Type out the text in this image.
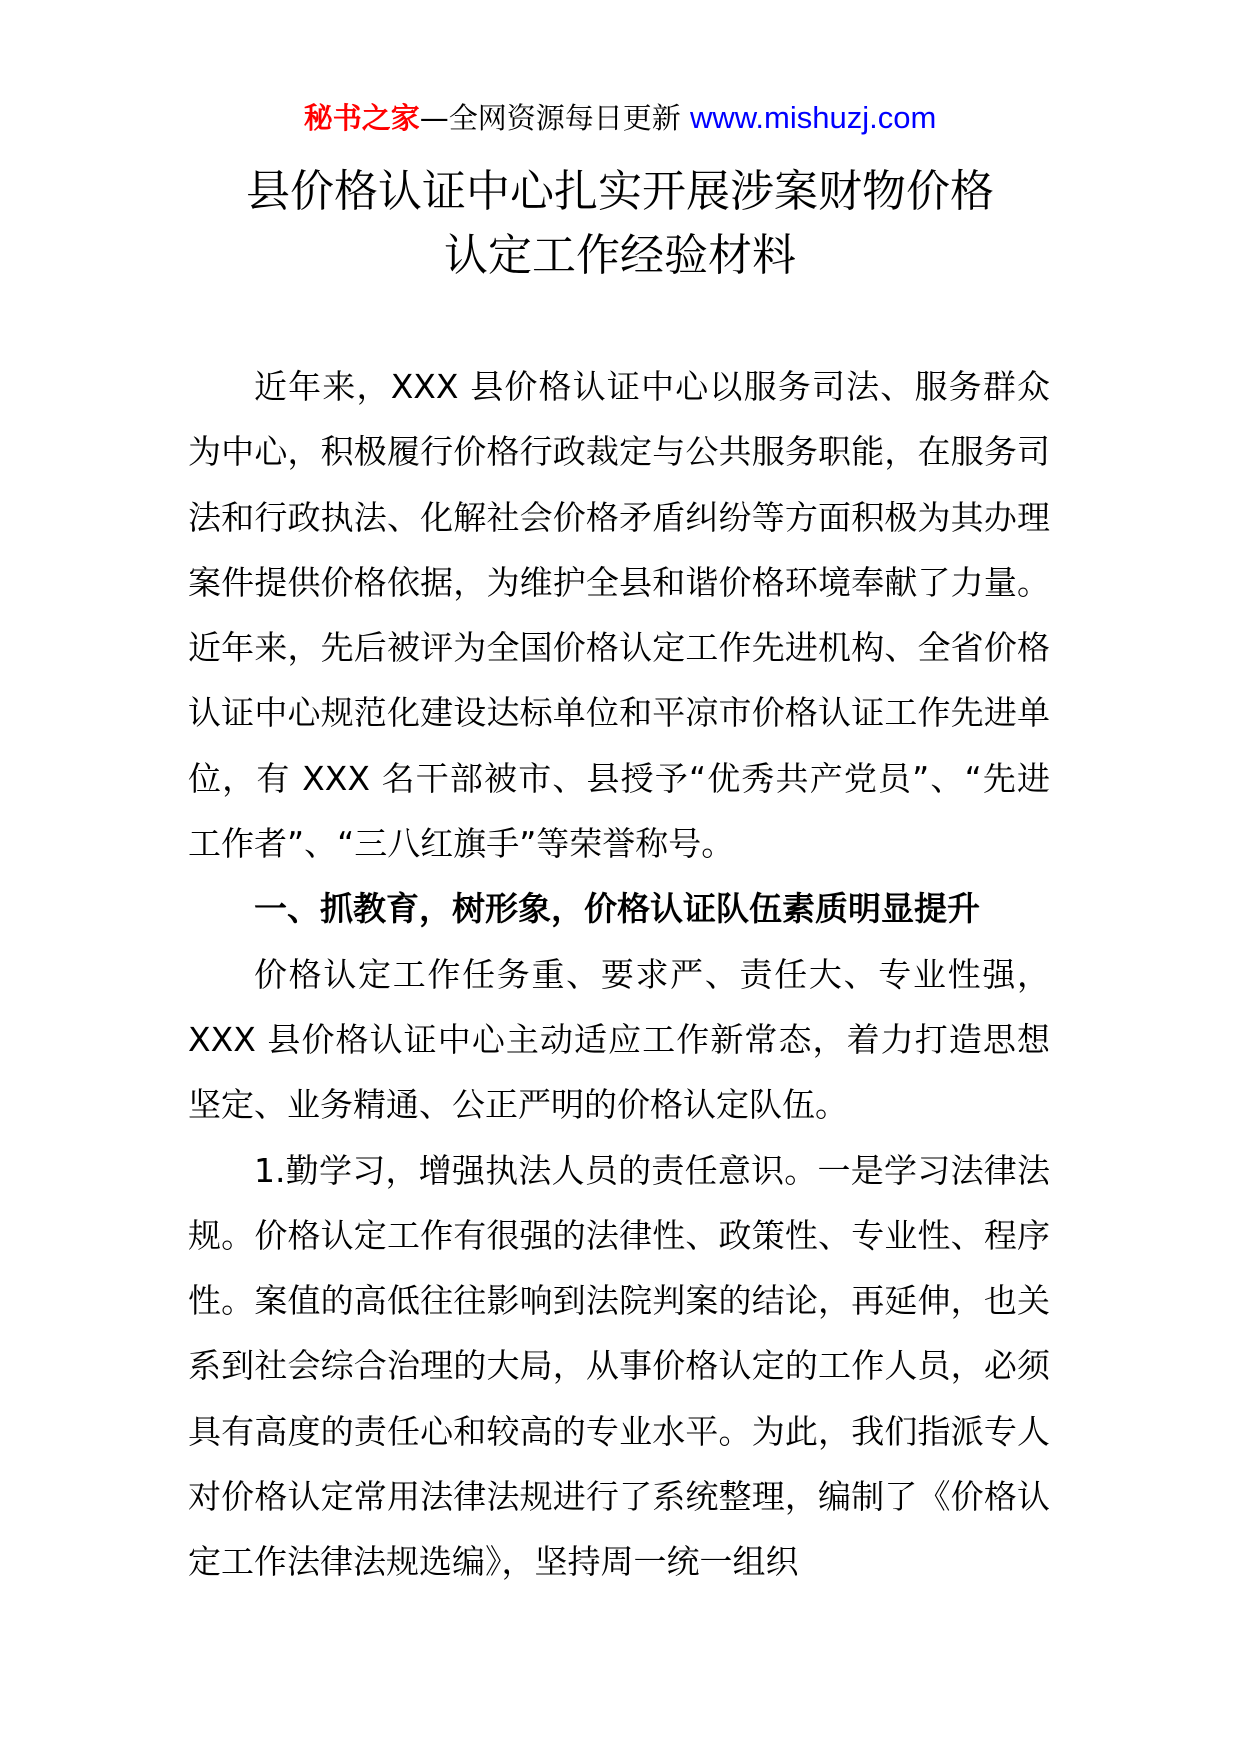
秘书之家—全网资源每日更新 www.mishuzj.com
县价格认证中心扎实开展涉案财物价格
认定工作经验材料

近年来，XXX 县价格认证中心以服务司法、服务群众为中心，积极履行价格行政裁定与公共服务职能，在服务司法和行政执法、化解社会价格矛盾纠纷等方面积极为其办理案件提供价格依据，为维护全县和谐价格环境奉献了力量。近年来，先后被评为全国价格认定工作先进机构、全省价格认证中心规范化建设达标单位和平凉市价格认证工作先进单位，有 XXX 名干部被市、县授予“优秀共产党员”、“先进工作者”、“三八红旗手”等荣誉称号。

一、抓教育，树形象，价格认证队伍素质明显提升

价格认定工作任务重、要求严、责任大、专业性强，XXX 县价格认证中心主动适应工作新常态，着力打造思想坚定、业务精通、公正严明的价格认定队伍。

1.勤学习，增强执法人员的责任意识。一是学习法律法规。价格认定工作有很强的法律性、政策性、专业性、程序性。案值的高低往往影响到法院判案的结论，再延伸，也关系到社会综合治理的大局，从事价格认定的工作人员，必须具有高度的责任心和较高的专业水平。为此，我们指派专人对价格认定常用法律法规进行了系统整理，编制了《价格认定工作法律法规选编》，坚持周一统一组织
